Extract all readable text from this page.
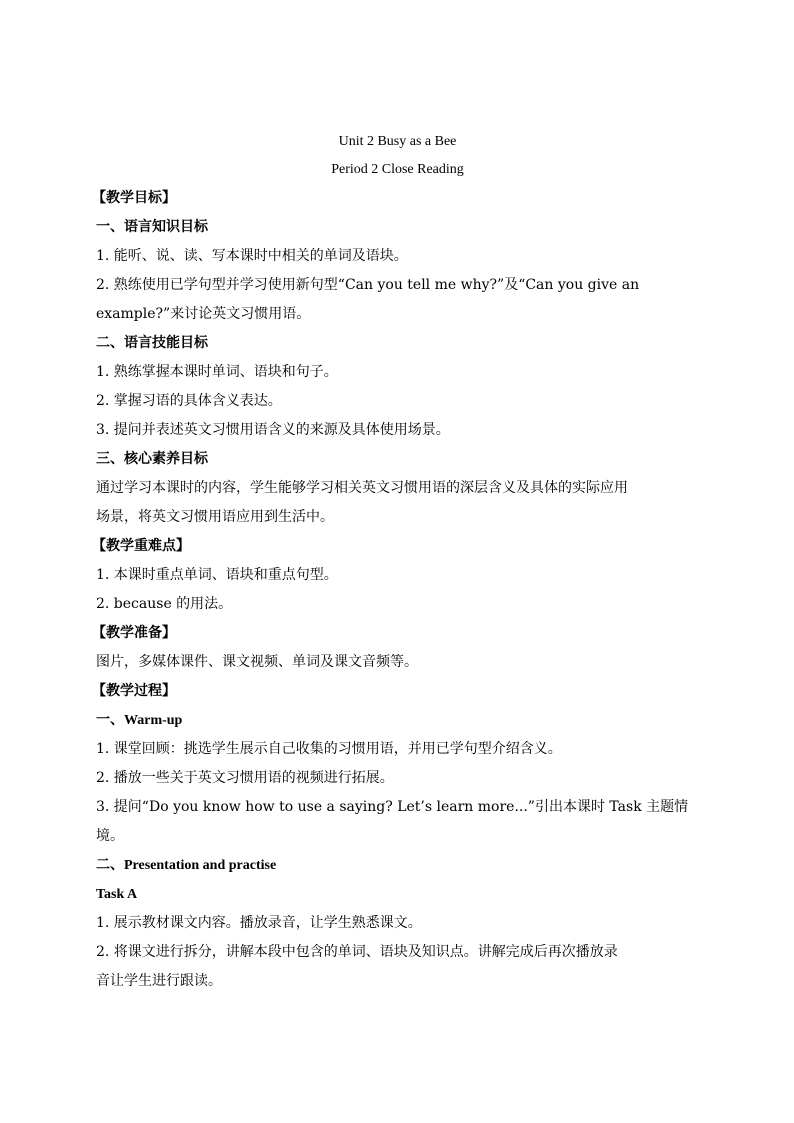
Unit 2 Busy as a Bee
Period 2 Close Reading
【教学目标】
一、语言知识目标
1. 能听、说、读、写本课时中相关的单词及语块。
2. 熟练使用已学句型并学习使用新句型“Can you tell me why?”及“Can you give an
example?”来讨论英文习惯用语。
二、语言技能目标
1. 熟练掌握本课时单词、语块和句子。
2. 掌握习语的具体含义表达。
3. 提问并表述英文习惯用语含义的来源及具体使用场景。
三、核心素养目标
通过学习本课时的内容，学生能够学习相关英文习惯用语的深层含义及具体的实际应用
场景，将英文习惯用语应用到生活中。
【教学重难点】
1. 本课时重点单词、语块和重点句型。
2. because 的用法。
【教学准备】
图片，多媒体课件、课文视频、单词及课文音频等。
【教学过程】
一、Warm-up
1. 课堂回顾：挑选学生展示自己收集的习惯用语，并用已学句型介绍含义。
2. 播放一些关于英文习惯用语的视频进行拓展。
3. 提问“Do you know how to use a saying? Let’s learn more...”引出本课时 Task 主题情
境。
二、Presentation and practise
Task A
1. 展示教材课文内容。播放录音，让学生熟悉课文。
2. 将课文进行拆分，讲解本段中包含的单词、语块及知识点。讲解完成后再次播放录
音让学生进行跟读。
